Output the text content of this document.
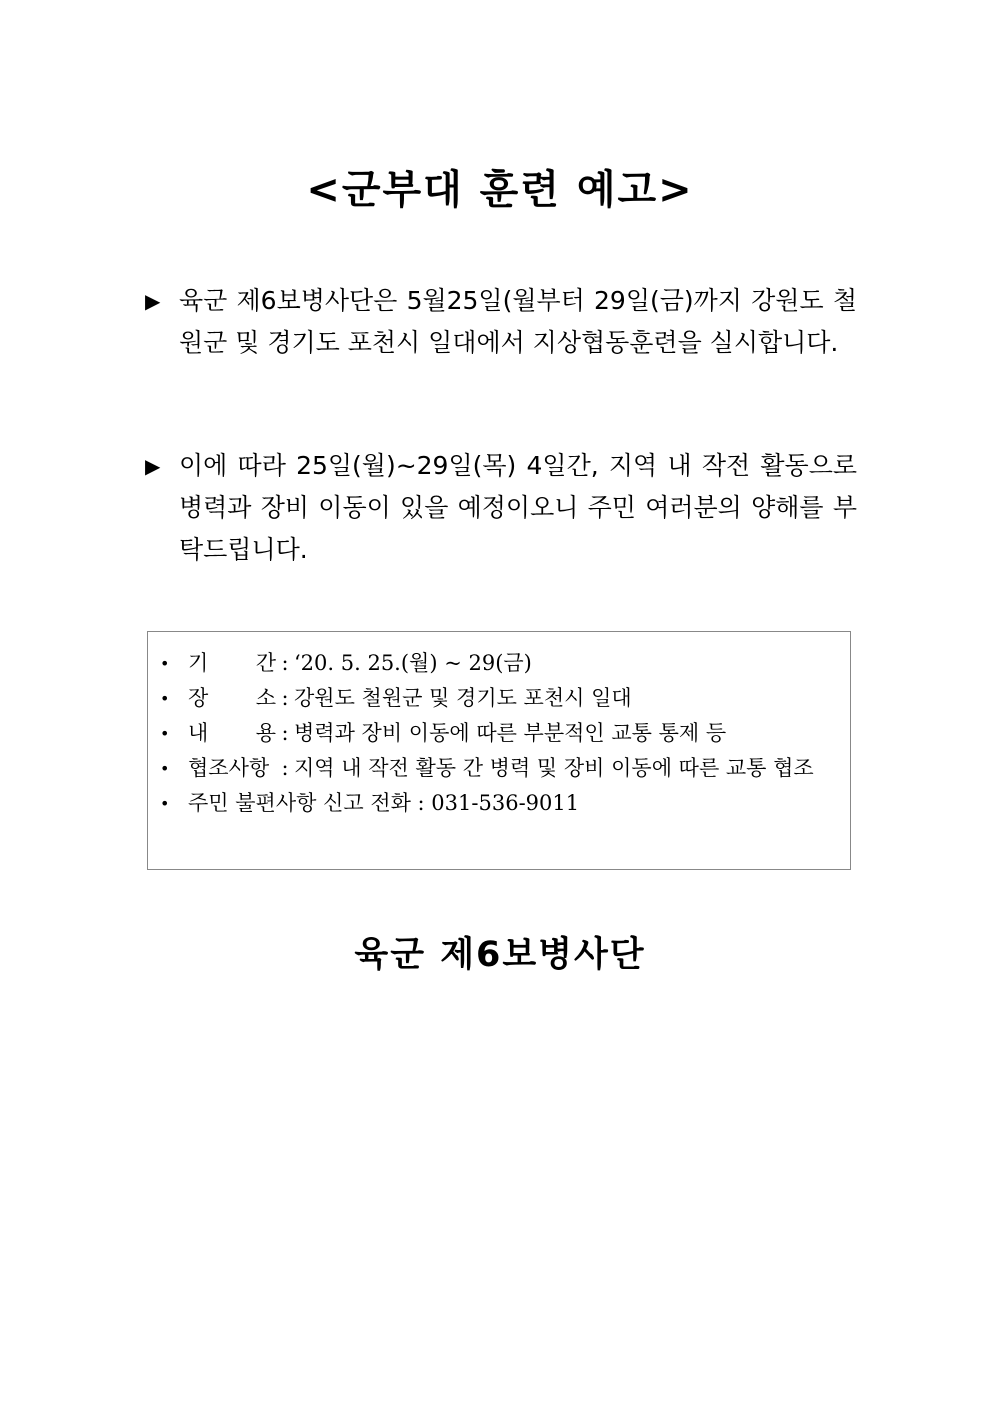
<군부대 훈련 예고>

▶ 육군 제6보병사단은 5월25일(월부터 29일(금)까지 강원도 철원군 및 경기도 포천시 일대에서 지상협동훈련을 실시합니다.

▶ 이에 따라 25일(월)~29일(목) 4일간, 지역 내 작전 활동으로 병력과 장비 이동이 있을 예정이오니 주민 여러분의 양해를 부탁드립니다.

• 기 간 : ‘20. 5. 25.(월) ~ 29(금)
• 장 소 : 강원도 철원군 및 경기도 포천시 일대
• 내 용 : 병력과 장비 이동에 따른 부분적인 교통 통제 등
• 협조사항 : 지역 내 작전 활동 간 병력 및 장비 이동에 따른 교통 협조
• 주민 불편사항 신고 전화 : 031-536-9011
육군 제6보병사단
